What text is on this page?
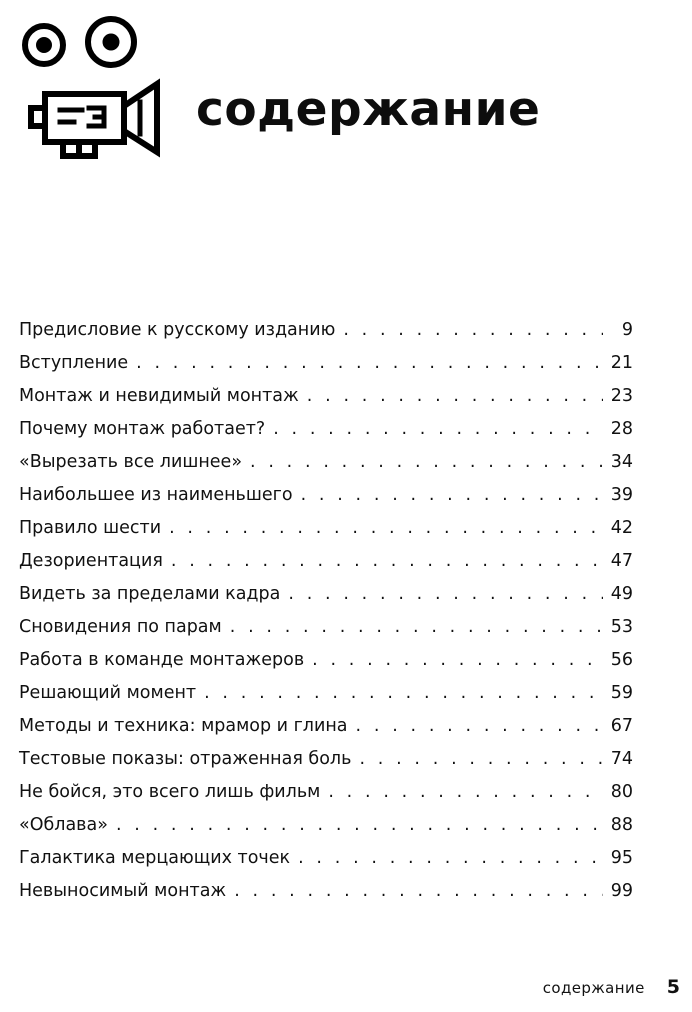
содержание
Предисловие к русскому изданию . . .	9
Вступление . . .	21
Монтаж и невидимый монтаж . . .	23
Почему монтаж работает? . . .	28
«Вырезать все лишнее» . . .	34
Наибольшее из наименьшего . . .	39
Правило шести . . .	42
Дезориентация . . .	47
Видеть за пределами кадра . . .	49
Сновидения по парам . . .	53
Работа в команде монтажеров . . .	56
Решающий момент . . .	59
Методы и техника: мрамор и глина . . .	67
Тестовые показы: отраженная боль . . .	74
Не бойся, это всего лишь фильм . . .	80
«Облава» . . .	88
Галактика мерцающих точек . . .	95
Невыносимый монтаж . . .	99
содержание 5
